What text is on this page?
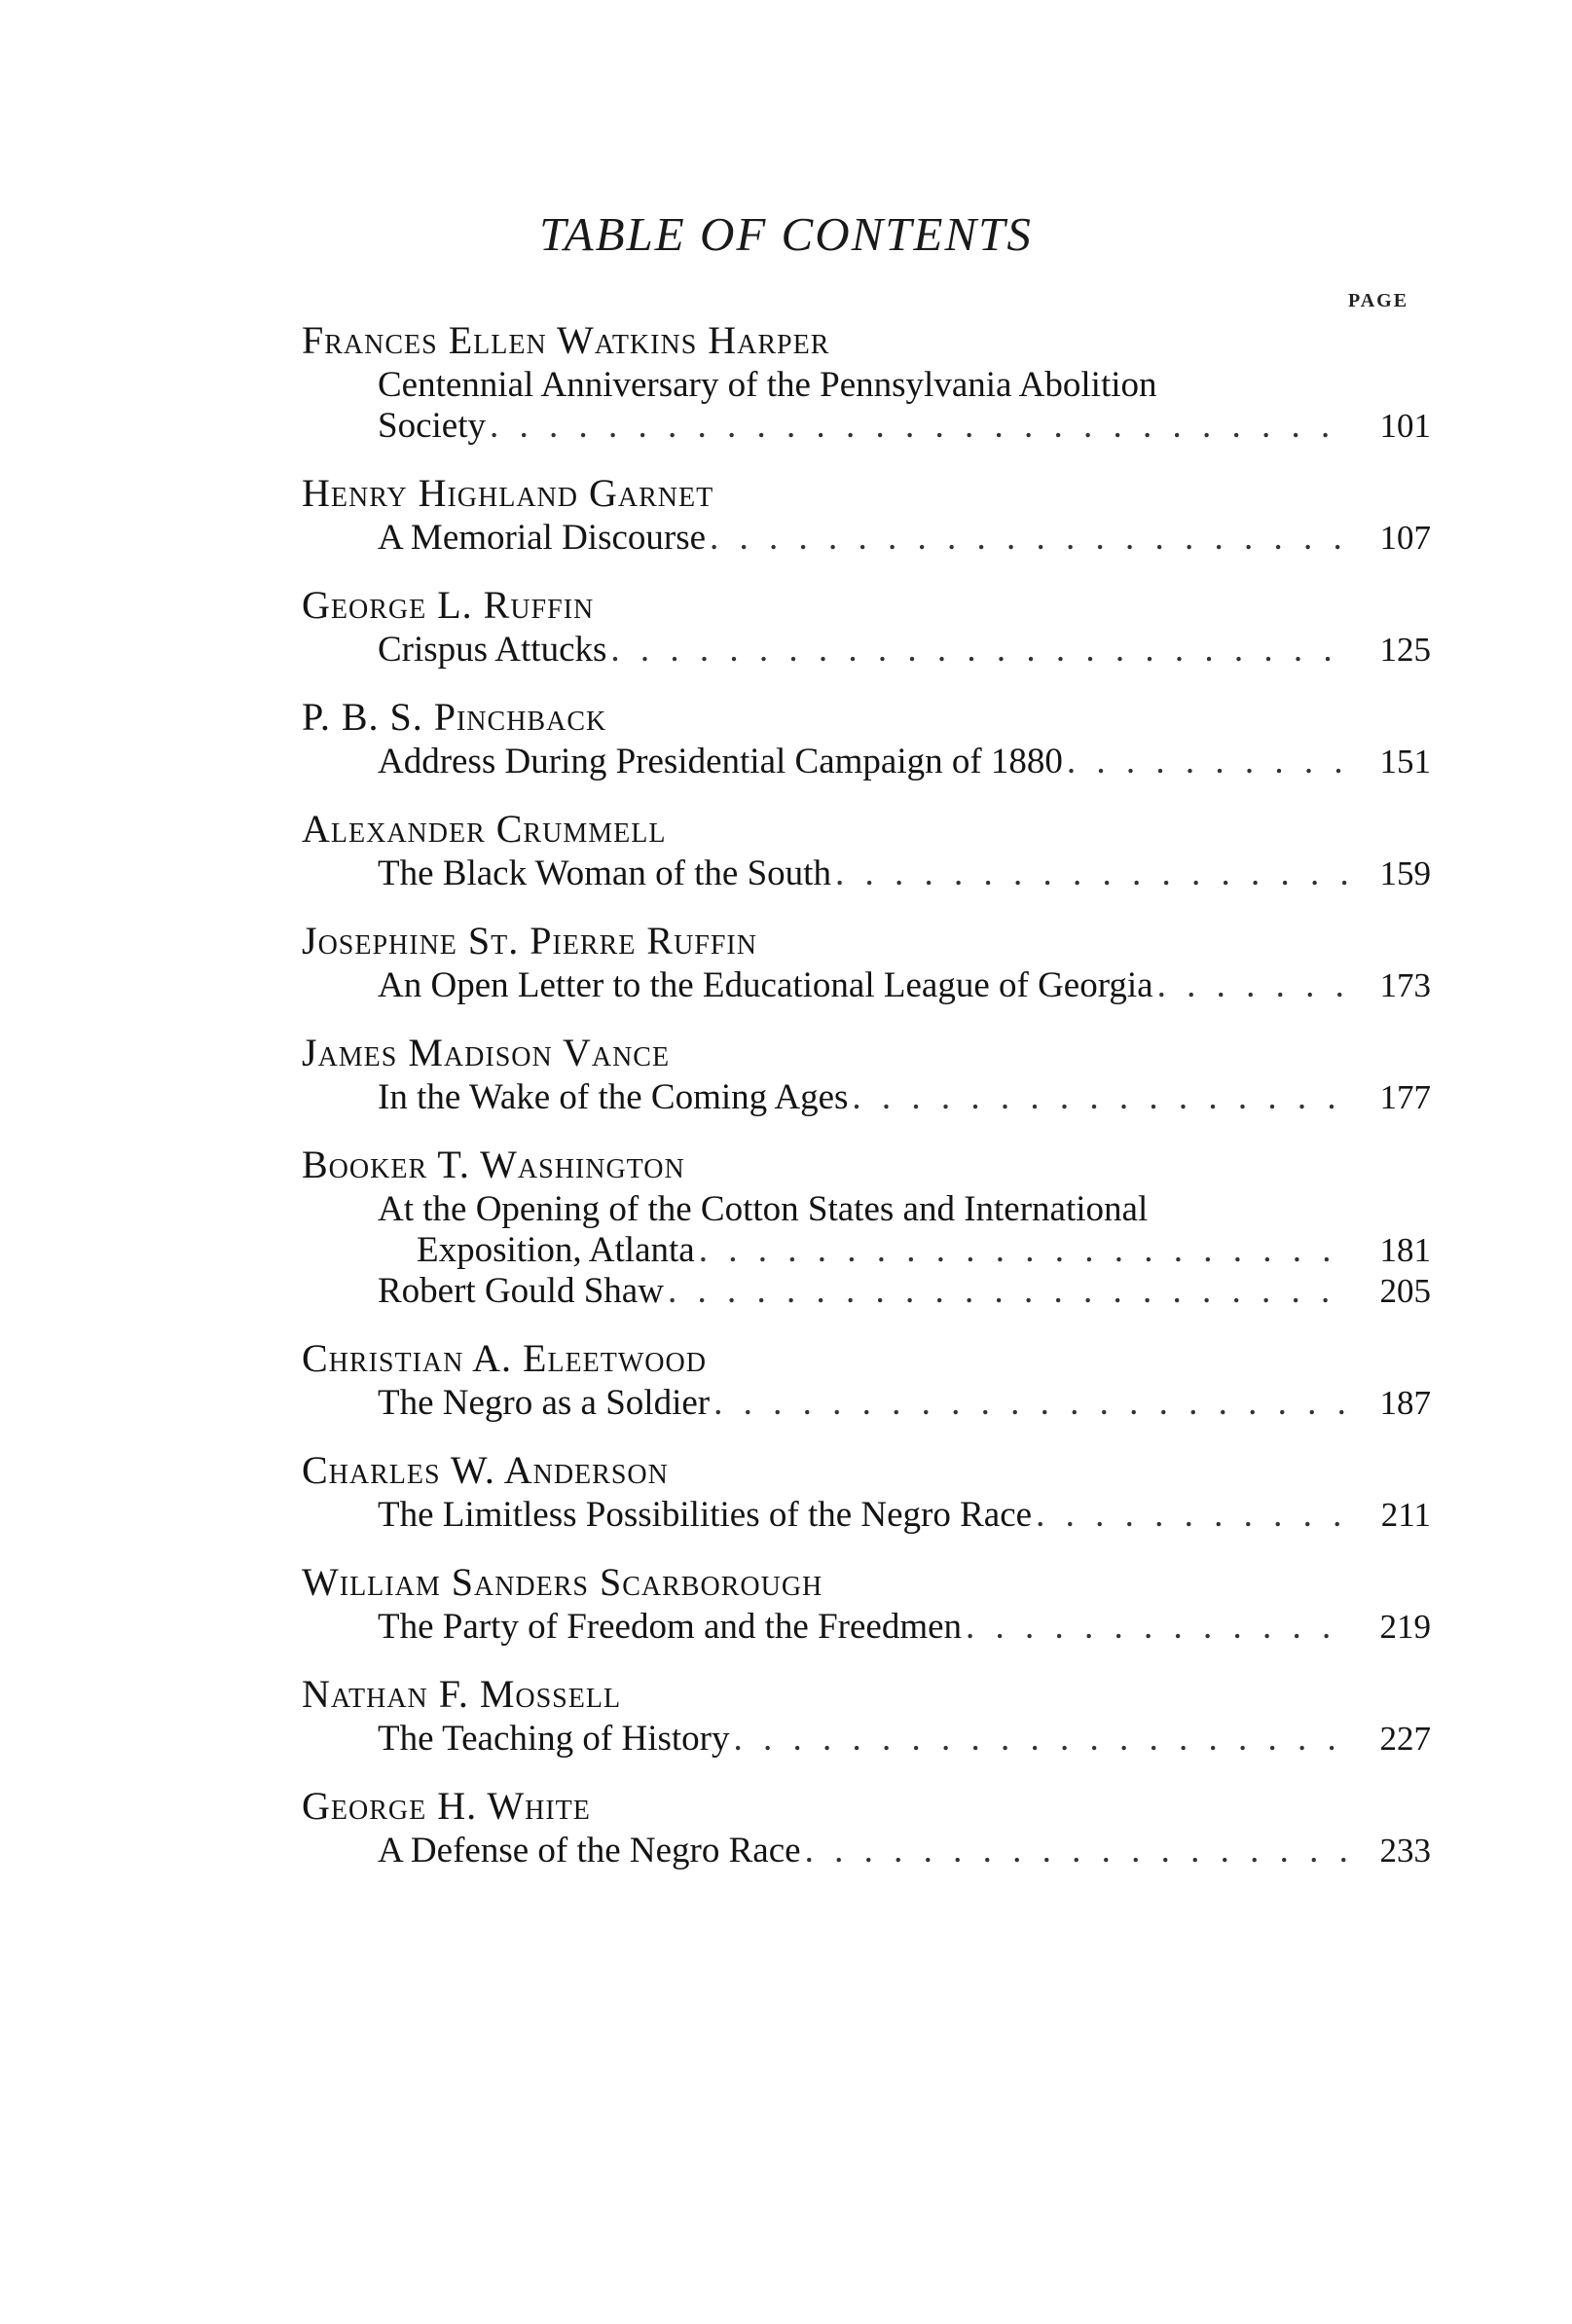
TABLE OF CONTENTS
PAGE
Frances Ellen Watkins Harper
Centennial Anniversary of the Pennsylvania Abolition
Society . . .	101
Henry Highland Garnet
A Memorial Discourse . . .	107
George L. Ruffin
Crispus Attucks . . .	125
P. B. S. Pinchback
Address During Presidential Campaign of 1880 . . .	151
Alexander Crummell
The Black Woman of the South . . .	159
Josephine St. Pierre Ruffin
An Open Letter to the Educational League of Georgia . . .	173
James Madison Vance
In the Wake of the Coming Ages . . .	177
Booker T. Washington
At the Opening of the Cotton States and International
Exposition, Atlanta . . .	181
Robert Gould Shaw . . .	205
Christian A. Eleetwood
The Negro as a Soldier . . .	187
Charles W. Anderson
The Limitless Possibilities of the Negro Race . . .	211
William Sanders Scarborough
The Party of Freedom and the Freedmen . . .	219
Nathan F. Mossell
The Teaching of History . . .	227
George H. White
A Defense of the Negro Race . . .	233
